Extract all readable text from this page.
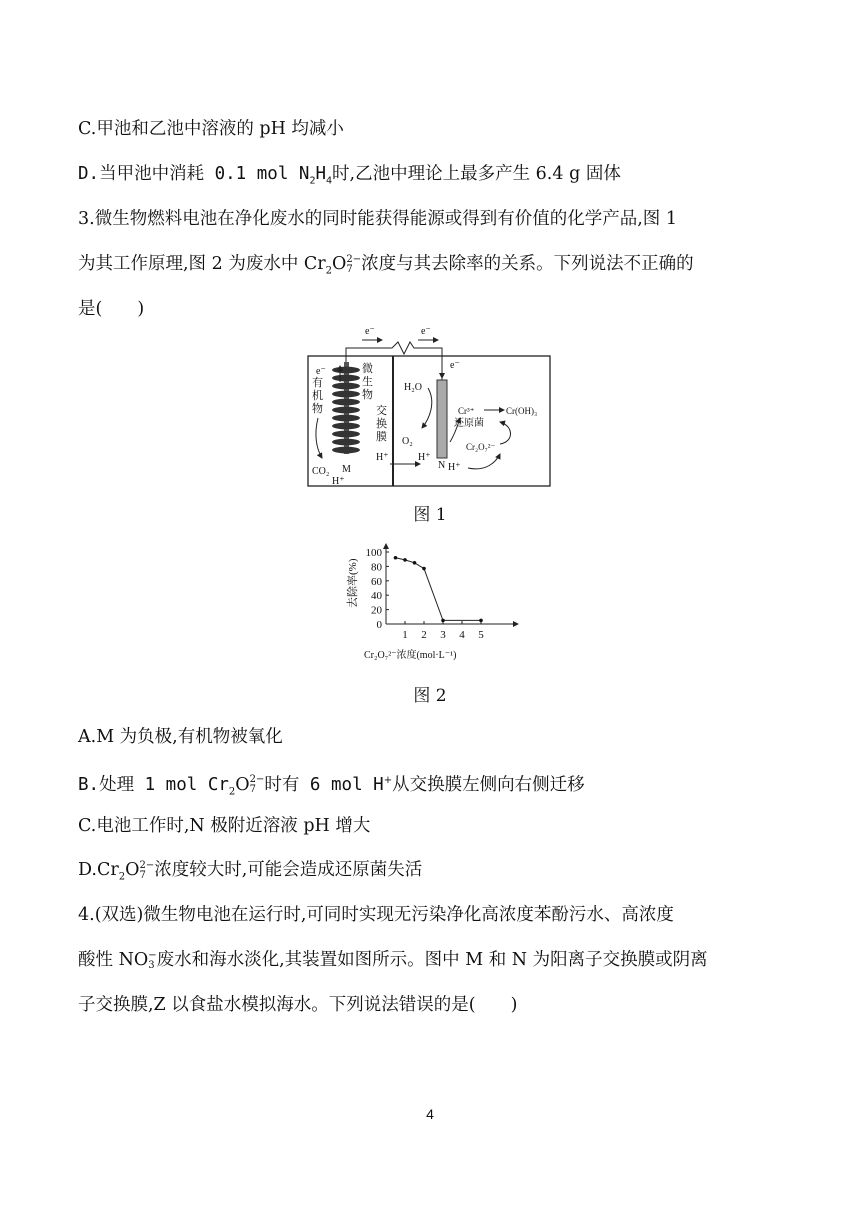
C.甲池和乙池中溶液的 pH 均减小
D.当甲池中消耗 0.1 mol $N_2H_4$时,乙池中理论上最多产生 6.4 g 固体
3.微生物燃料电池在净化废水的同时能获得能源或得到有价值的化学产品,图 1
为其工作原理,图 2 为废水中 $Cr_2O$ 2−
7 浓度与其去除率的关系。下列说法不正确的
是(　　)
e⁻	e⁻
e⁻
有
机
物
CO₂ M
H⁺
微
生
物
交
换
膜
H⁺
e⁻
H₂O
O₂
H⁺
N
Cr³⁺
还原菌
Cr(OH)₃
Cr₂O₇²⁻
H⁺
图 1
去除率(%)
Cr₂O₇²⁻浓度(mol·L⁻¹)
0
20
40
60
80
100
1 2 3 4 5
图 2
A.M 为负极,有机物被氧化
B.处理 1 mol $Cr_2O$ 2−
7 时有 6 mol H+从交换膜左侧向右侧迁移
C.电池工作时,N 极附近溶液 pH 增大
$D.Cr_2O$ 2−
7 浓度较大时,可能会造成还原菌失活
4.(双选)微生物电池在运行时,可同时实现无污染净化高浓度苯酚污水、高浓度
酸性 NO −
3 废水和海水淡化,其装置如图所示。图中 M 和 N 为阳离子交换膜或阴离
子交换膜,Z 以食盐水模拟海水。下列说法错误的是(　　)
4
